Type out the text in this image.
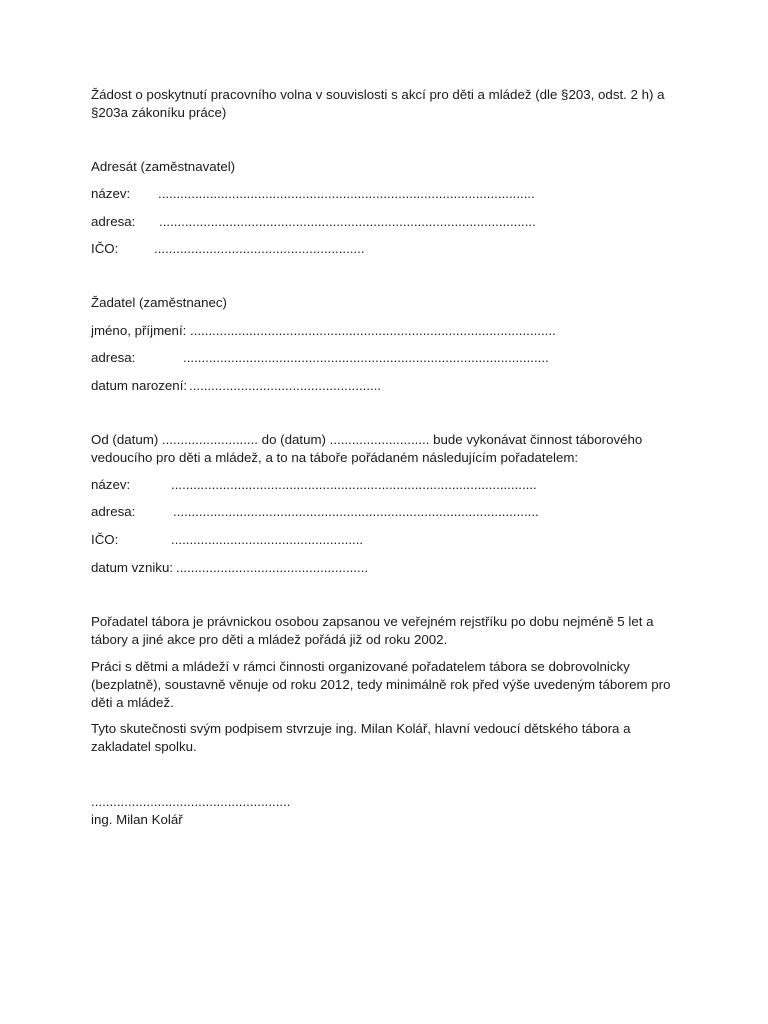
Žádost o poskytnutí pracovního volna v souvislosti s akcí pro děti a mládež (dle §203, odst. 2 h) a §203a zákoníku práce)

Adresát (zaměstnavatel)

název: ......................................................................................................

adresa: ......................................................................................................

IČO:	.........................................................

Žadatel (zaměstnanec)

jméno, příjmení: ...................................................................................................

adresa:	...................................................................................................

datum narození: ....................................................

Od (datum) .......................... do (datum) ........................... bude vykonávat činnost táborového vedoucího pro děti a mládež, a to na táboře pořádaném následujícím pořadatelem:

název:	...................................................................................................

adresa:	...................................................................................................

IČO:	....................................................

datum vzniku: ....................................................

Pořadatel tábora je právnickou osobou zapsanou ve veřejném rejstříku po dobu nejméně 5 let a tábory a jiné akce pro děti a mládež pořádá již od roku 2002.

Práci s dětmi a mládeží v rámci činnosti organizované pořadatelem tábora se dobrovolnicky (bezplatně), soustavně věnuje od roku 2012, tedy minimálně rok před výše uvedeným táborem pro děti a mládež.

Tyto skutečnosti svým podpisem stvrzuje ing. Milan Kolář, hlavní vedoucí dětského tábora a zakladatel spolku.

......................................................

ing. Milan Kolář
